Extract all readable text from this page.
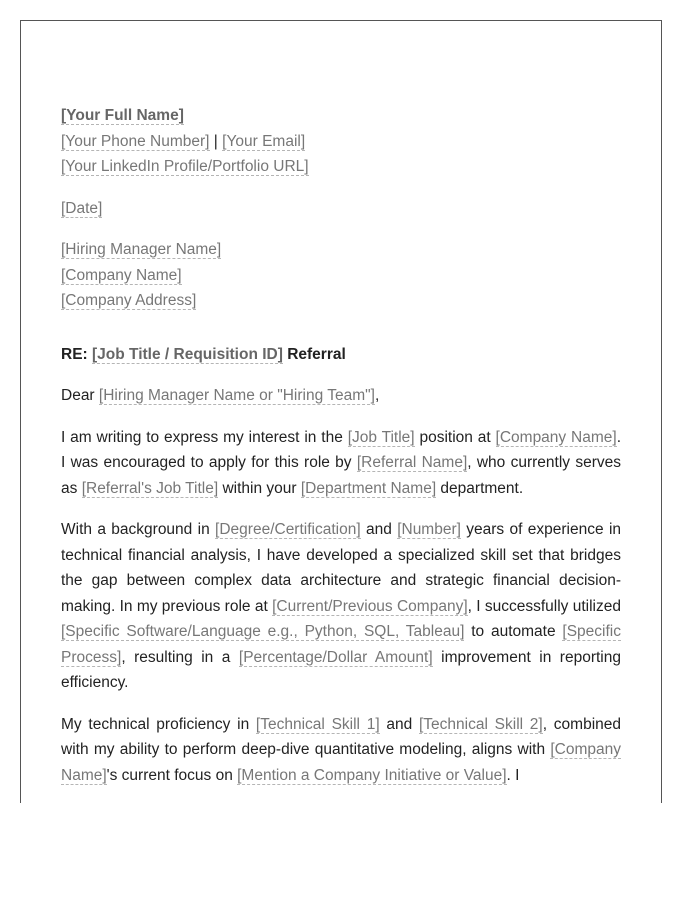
[Your Full Name]
[Your Phone Number] | [Your Email]
[Your LinkedIn Profile/Portfolio URL]
[Date]
[Hiring Manager Name]
[Company Name]
[Company Address]
RE: [Job Title / Requisition ID] Referral
Dear [Hiring Manager Name or "Hiring Team"],
I am writing to express my interest in the [Job Title] position at [Company Name]. I was encouraged to apply for this role by [Referral Name], who currently serves as [Referral's Job Title] within your [Department Name] department.
With a background in [Degree/Certification] and [Number] years of experience in technical financial analysis, I have developed a specialized skill set that bridges the gap between complex data architecture and strategic financial decision-making. In my previous role at [Current/Previous Company], I successfully utilized [Specific Software/Language e.g., Python, SQL, Tableau] to automate [Specific Process], resulting in a [Percentage/Dollar Amount] improvement in reporting efficiency.
My technical proficiency in [Technical Skill 1] and [Technical Skill 2], combined with my ability to perform deep-dive quantitative modeling, aligns with [Company Name]'s current focus on [Mention a Company Initiative or Value]. I
